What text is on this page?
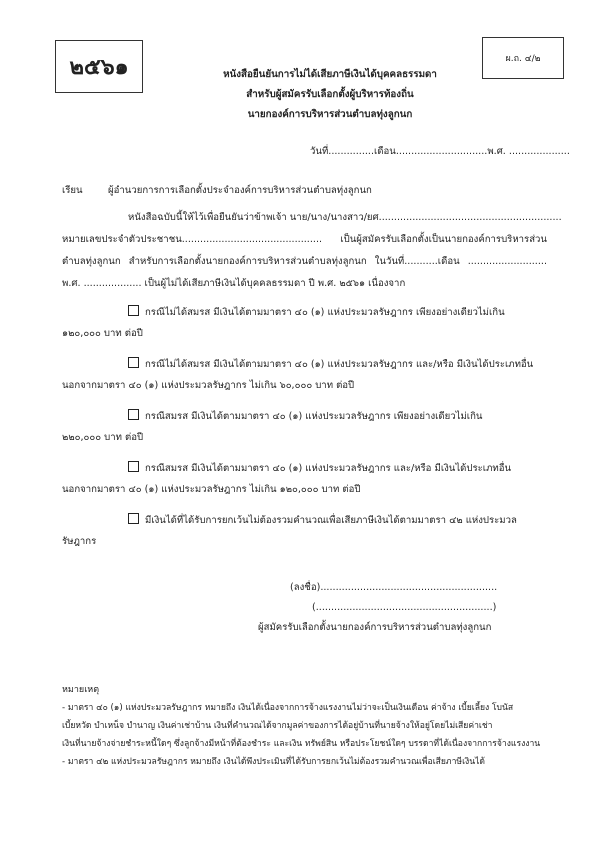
๒๕๖๑	ผ.ถ. ๔/๒
หนังสือยืนยันการไม่ได้เสียภาษีเงินได้บุคคลธรรมดา
สำหรับผู้สมัครรับเลือกตั้งผู้บริหารท้องถิ่น
นายกองค์การบริหารส่วนตำบลทุ่งลูกนก
วันที่...............เดือน..............................พ.ศ. ....................
เรียน	ผู้อำนวยการการเลือกตั้งประจำองค์การบริหารส่วนตำบลทุ่งลูกนก
หนังสือฉบับนี้ให้ไว้เพื่อยืนยันว่าข้าพเจ้า นาย/นาง/นางสาว/ยศ............................................................
หมายเลขประจำตัวประชาชน.............................................. เป็นผู้สมัครรับเลือกตั้งเป็นนายกองค์การบริหารส่วน
ตำบลทุ่งลูกนก สำหรับการเลือกตั้งนายกองค์การบริหารส่วนตำบลทุ่งลูกนก ในวันที่...........เดือน ..........................
พ.ศ. ................... เป็นผู้ไม่ได้เสียภาษีเงินได้บุคคลธรรมดา ปี พ.ศ. ๒๕๖๑ เนื่องจาก
กรณีไม่ได้สมรส มีเงินได้ตามมาตรา ๔๐ (๑) แห่งประมวลรัษฎากร เพียงอย่างเดียวไม่เกิน
๑๒๐,๐๐๐ บาท ต่อปี
กรณีไม่ได้สมรส มีเงินได้ตามมาตรา ๔๐ (๑) แห่งประมวลรัษฎากร และ/หรือ มีเงินได้ประเภทอื่น
นอกจากมาตรา ๔๐ (๑) แห่งประมวลรัษฎากร ไม่เกิน ๖๐,๐๐๐ บาท ต่อปี
กรณีสมรส มีเงินได้ตามมาตรา ๔๐ (๑) แห่งประมวลรัษฎากร เพียงอย่างเดียวไม่เกิน
๒๒๐,๐๐๐ บาท ต่อปี
กรณีสมรส มีเงินได้ตามมาตรา ๔๐ (๑) แห่งประมวลรัษฎากร และ/หรือ มีเงินได้ประเภทอื่น
นอกจากมาตรา ๔๐ (๑) แห่งประมวลรัษฎากร ไม่เกิน ๑๒๐,๐๐๐ บาท ต่อปี
มีเงินได้ที่ได้รับการยกเว้นไม่ต้องรวมคำนวณเพื่อเสียภาษีเงินได้ตามมาตรา ๔๒ แห่งประมวล
รัษฎากร
(ลงชื่อ)..........................................................
(..........................................................)
ผู้สมัครรับเลือกตั้งนายกองค์การบริหารส่วนตำบลทุ่งลูกนก
หมายเหตุ
- มาตรา ๔๐ (๑) แห่งประมวลรัษฎากร หมายถึง เงินได้เนื่องจากการจ้างแรงงานไม่ว่าจะเป็นเงินเดือน ค่าจ้าง เบี้ยเลี้ยง โบนัส
เบี้ยหวัด บำเหน็จ บำนาญ เงินค่าเช่าบ้าน เงินที่คำนวณได้จากมูลค่าของการได้อยู่บ้านที่นายจ้างให้อยู่โดยไม่เสียค่าเช่า
เงินที่นายจ้างจ่ายชำระหนี้ใดๆ ซึ่งลูกจ้างมีหน้าที่ต้องชำระ และเงิน ทรัพย์สิน หรือประโยชน์ใดๆ บรรดาที่ได้เนื่องจากการจ้างแรงงาน
- มาตรา ๔๒ แห่งประมวลรัษฎากร หมายถึง เงินได้พึงประเมินที่ได้รับการยกเว้นไม่ต้องรวมคำนวณเพื่อเสียภาษีเงินได้
